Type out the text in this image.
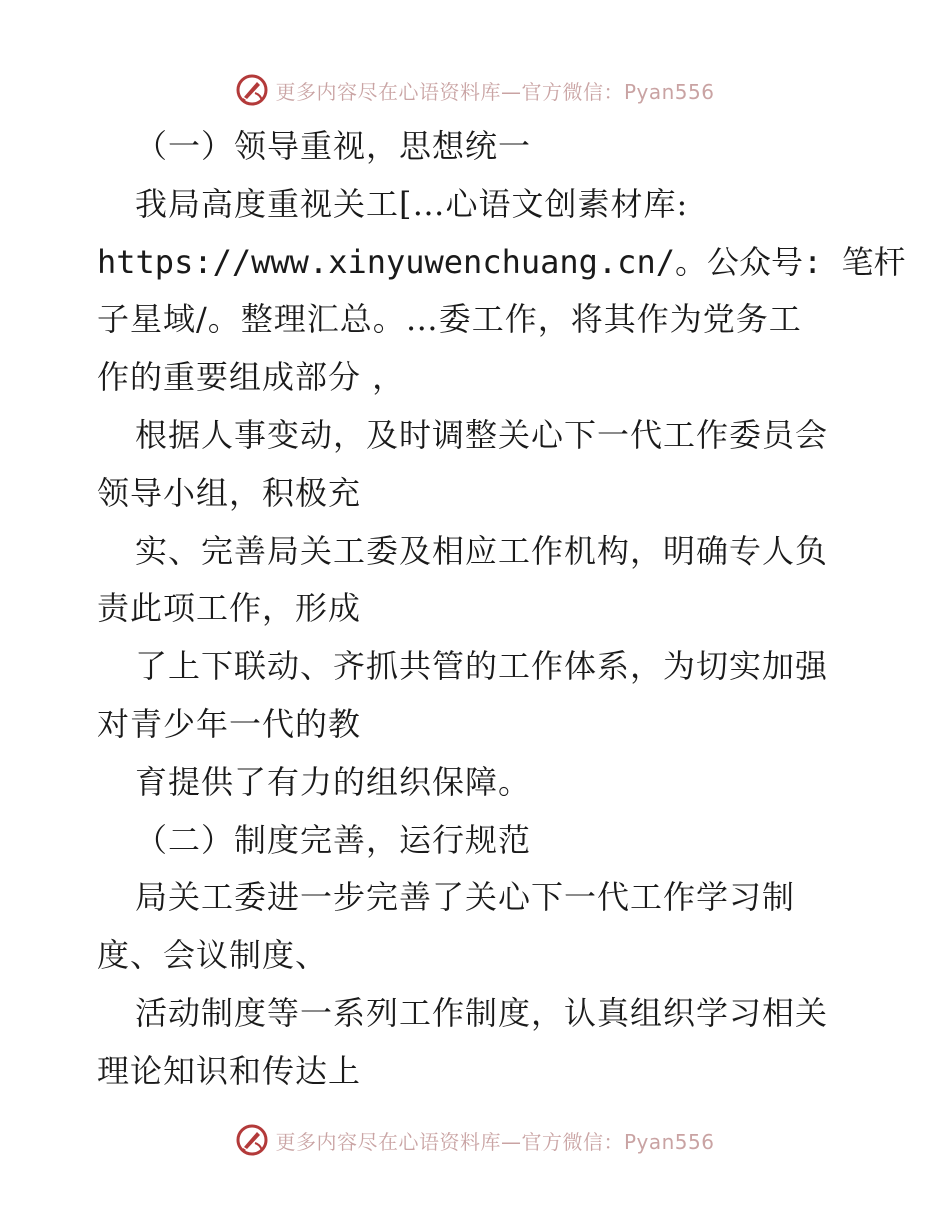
更多内容尽在心语资料库—官方微信：Pyan556
（一）领导重视，思想统一
我局高度重视关工[…心语文创素材库:
https://www.xinyuwenchuang.cn/。公众号: 笔杆
子星域/。整理汇总。…委工作，将其作为党务工
作的重要组成部分 ，
根据人事变动，及时调整关心下一代工作委员会
领导小组，积极充
实、完善局关工委及相应工作机构，明确专人负
责此项工作，形成
了上下联动、齐抓共管的工作体系，为切实加强
对青少年一代的教
育提供了有力的组织保障。
（二）制度完善，运行规范
局关工委进一步完善了关心下一代工作学习制
度、会议制度、
活动制度等一系列工作制度，认真组织学习相关
理论知识和传达上
更多内容尽在心语资料库—官方微信：Pyan556
